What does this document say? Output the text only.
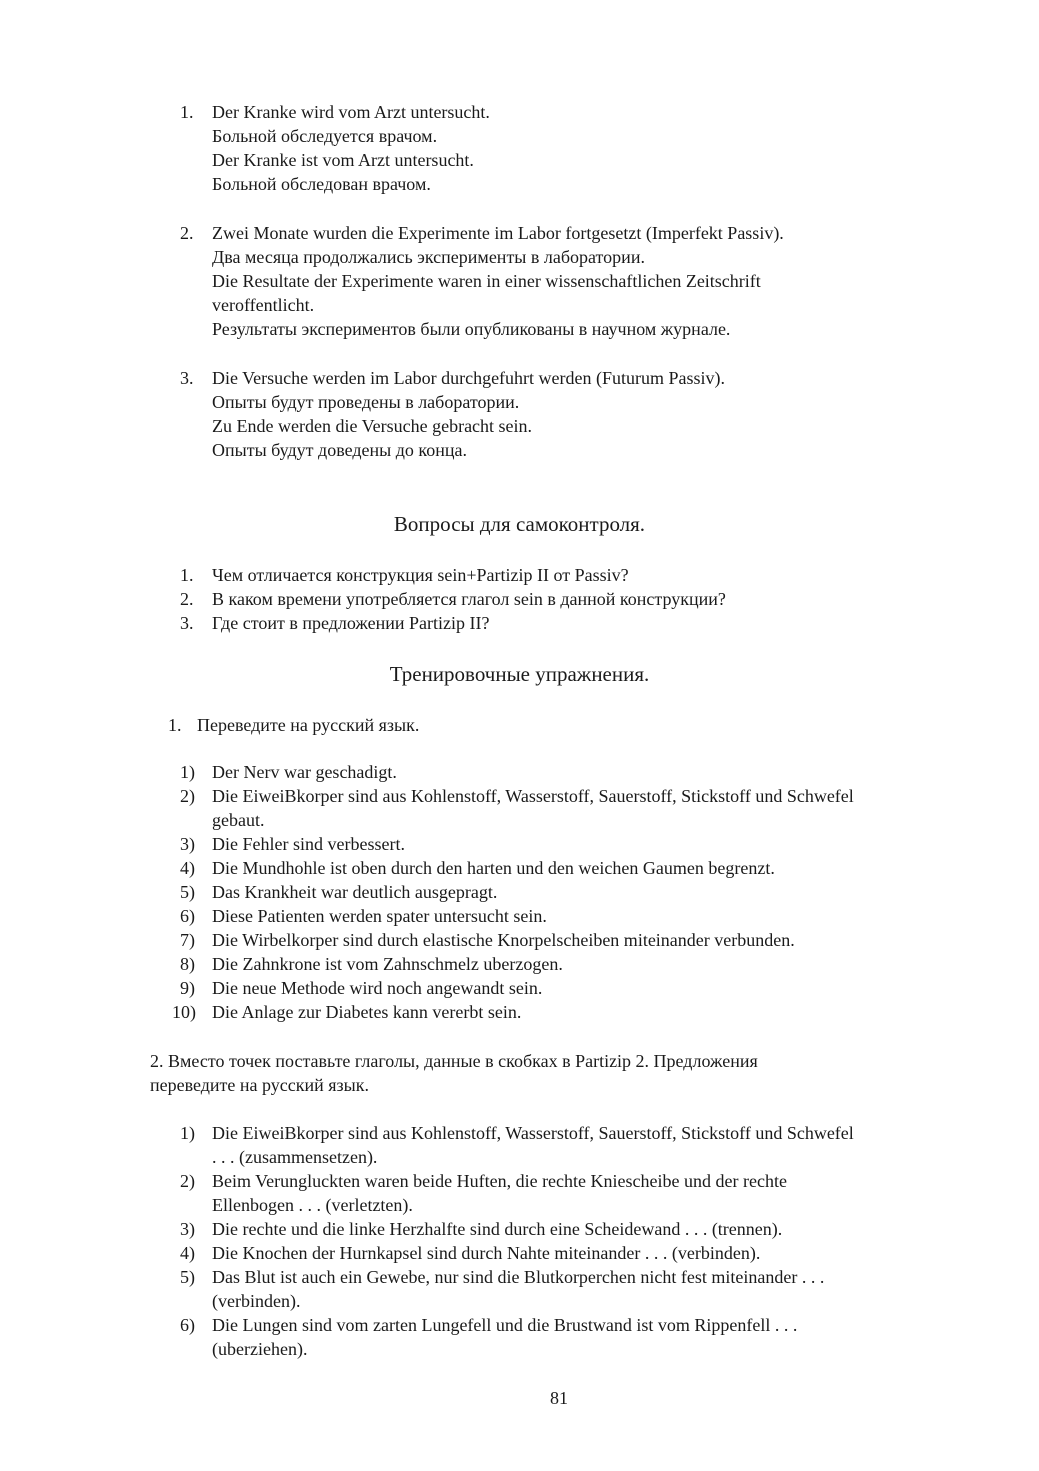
1. Der Kranke wird vom Arzt untersucht.
Больной обследуется врачом.
Der Kranke ist vom Arzt untersucht.
Больной обследован врачом.
2. Zwei Monate wurden die Experimente im Labor fortgesetzt (Imperfekt Passiv).
Два месяца продолжались эксперименты в лаборатории.
Die Resultate der Experimente waren in einer wissenschaftlichen Zeitschrift
veroffentlicht.
Результаты экспериментов были опубликованы в научном журнале.
3. Die Versuche werden im Labor durchgefuhrt werden (Futurum Passiv).
Опыты будут проведены в лаборатории.
Zu Ende werden die Versuche gebracht sein.
Опыты будут доведены до конца.
Вопросы для самоконтроля.
1. Чем отличается конструкция sein+Partizip II от Passiv?
2. В каком времени употребляется глагол sein в данной конструкции?
3. Где стоит в предложении Partizip II?
Тренировочные упражнения.
1. Переведите на русский язык.
1) Der Nerv war geschadigt.
2) Die EiweiBkorper sind aus Kohlenstoff, Wasserstoff, Sauerstoff, Stickstoff und Schwefel
gebaut.
3) Die Fehler sind verbessert.
4) Die Mundhohle ist oben durch den harten und den weichen Gaumen begrenzt.
5) Das Krankheit war deutlich ausgepragt.
6) Diese Patienten werden spater untersucht sein.
7) Die Wirbelkorper sind durch elastische Knorpelscheiben miteinander verbunden.
8) Die Zahnkrone ist vom Zahnschmelz uberzogen.
9) Die neue Methode wird noch angewandt sein.
10) Die Anlage zur Diabetes kann vererbt sein.
2. Вместо точек поставьте глаголы, данные в скобках в Partizip 2. Предложения
переведите на русский язык.
1) Die EiweiBkorper sind aus Kohlenstoff, Wasserstoff, Sauerstoff, Stickstoff und Schwefel
. . . (zusammensetzen).
2) Beim Verungluckten waren beide Huften, die rechte Kniescheibe und der rechte
Ellenbogen . . . (verletzten).
3) Die rechte und die linke Herzhalfte sind durch eine Scheidewand . . . (trennen).
4) Die Knochen der Hurnkapsel sind durch Nahte miteinander . . . (verbinden).
5) Das Blut ist auch ein Gewebe, nur sind die Blutkorperchen nicht fest miteinander . . .
(verbinden).
6) Die Lungen sind vom zarten Lungefell und die Brustwand ist vom Rippenfell . . .
(uberziehen).
81
